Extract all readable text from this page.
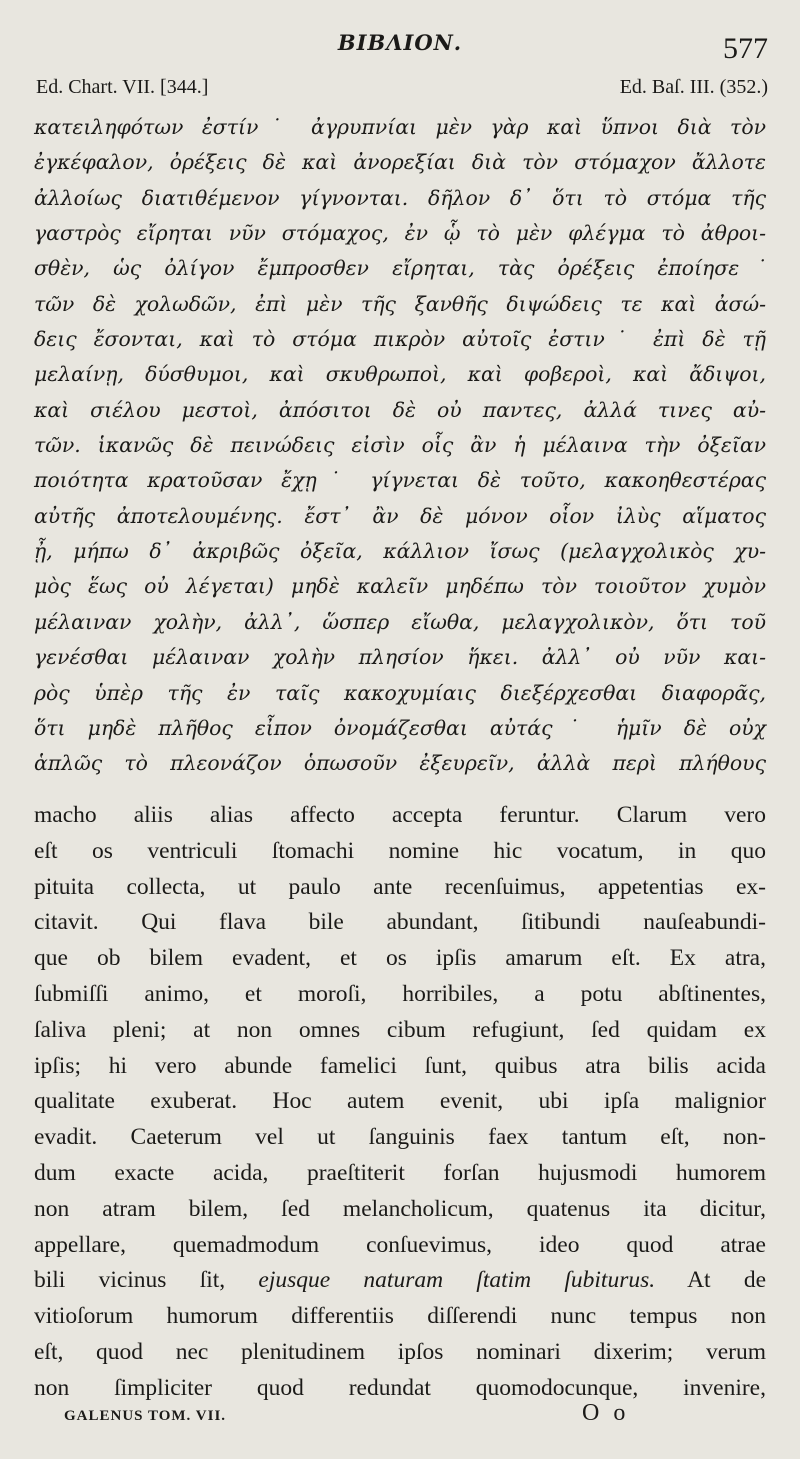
BIBΛΙΟΝ.	577
Ed. Chart. VII. [344.]	Ed. Baſ. III. (352.)
κατειληφότων ἐστίν˙ ἀγρυπνίαι μὲν γὰρ καὶ ὕπνοι διὰ τὸν
ἐγκέφαλον, ὀρέξεις δὲ καὶ ἀνορεξίαι διὰ τὸν στόμαχον ἄλλοτε
ἀλλοίως διατιθέμενον γίγνονται. δῆλον δ᾿ ὅτι τὸ στόμα τῆς
γαστρὸς εἴρηται νῦν στόμαχος, ἐν ᾧ τὸ μὲν φλέγμα τὸ ἀθροι-
σθὲν, ὡς ὀλίγον ἔμπροσθεν εἴρηται, τὰς ὀρέξεις ἐποίησε˙
τῶν δὲ χολωδῶν, ἐπὶ μὲν τῆς ξανθῆς διψώδεις τε καὶ ἀσώ-
δεις ἔσονται, καὶ τὸ στόμα πικρὸν αὐτοῖς ἐστιν˙ ἐπὶ δὲ τῇ
μελαίνῃ, δύσθυμοι, καὶ σκυθρωποὶ, καὶ φοβεροὶ, καὶ ἄδιψοι,
καὶ σιέλου μεστοὶ, ἀπόσιτοι δὲ οὐ παντες, ἀλλά τινες αὐ-
τῶν. ἱκανῶς δὲ πεινώδεις εἰσὶν οἷς ἂν ἡ μέλαινα τὴν ὀξεῖαν
ποιότητα κρατοῦσαν ἔχῃ˙ γίγνεται δὲ τοῦτο, κακοηθεστέρας
αὐτῆς ἀποτελουμένης. ἔστ᾿ ἂν δὲ μόνον οἷον ἰλὺς αἵματος
ᾖ, μήπω δ᾿ ἀκριβῶς ὀξεῖα, κάλλιον ἴσως (μελαγχολικὸς χυ-
μὸς ἕως οὐ λέγεται) μηδὲ καλεῖν μηδέπω τὸν τοιοῦτον χυμὸν
μέλαιναν χολὴν, ἀλλ᾿, ὥσπερ εἴωθα, μελαγχολικὸν, ὅτι τοῦ
γενέσθαι μέλαιναν χολὴν πλησίον ἥκει. ἀλλ᾿ οὐ νῦν και-
ρὸς ὑπὲρ τῆς ἐν ταῖς κακοχυμίαις διεξέρχεσθαι διαφορᾶς,
ὅτι μηδὲ πλῆθος εἶπον ὀνομάζεσθαι αὐτάς˙ ἡμῖν δὲ οὐχ
ἁπλῶς τὸ πλεονάζον ὁπωσοῦν ἐξευρεῖν, ἀλλὰ περὶ πλήθους
macho aliis alias affecto accepta feruntur. Clarum vero
eſt os ventriculi ſtomachi nomine hic vocatum, in quo
pituita collecta, ut paulo ante recenſuimus, appetentias ex-
citavit. Qui flava bile abundant, ſitibundi nauſeabundi-
que ob bilem evadent, et os ipſis amarum eſt. Ex atra,
ſubmiſſi animo, et moroſi, horribiles, a potu abſtinentes,
ſaliva pleni; at non omnes cibum refugiunt, ſed quidam ex
ipſis; hi vero abunde famelici ſunt, quibus atra bilis acida
qualitate exuberat. Hoc autem evenit, ubi ipſa malignior
evadit. Caeterum vel ut ſanguinis faex tantum eſt, non-
dum exacte acida, praeſtiterit forſan hujusmodi humorem
non atram bilem, ſed melancholicum, quatenus ita dicitur,
appellare, quemadmodum conſuevimus, ideo quod atrae
bili vicinus ſit, ejusque naturam ſtatim ſubiturus. At de
vitioſorum humorum differentiis diſſerendi nunc tempus non
eſt, quod nec plenitudinem ipſos nominari dixerim; verum
non ſimpliciter quod redundat quomodocunque, invenire,
GALENUS TOM. VII.	O o
